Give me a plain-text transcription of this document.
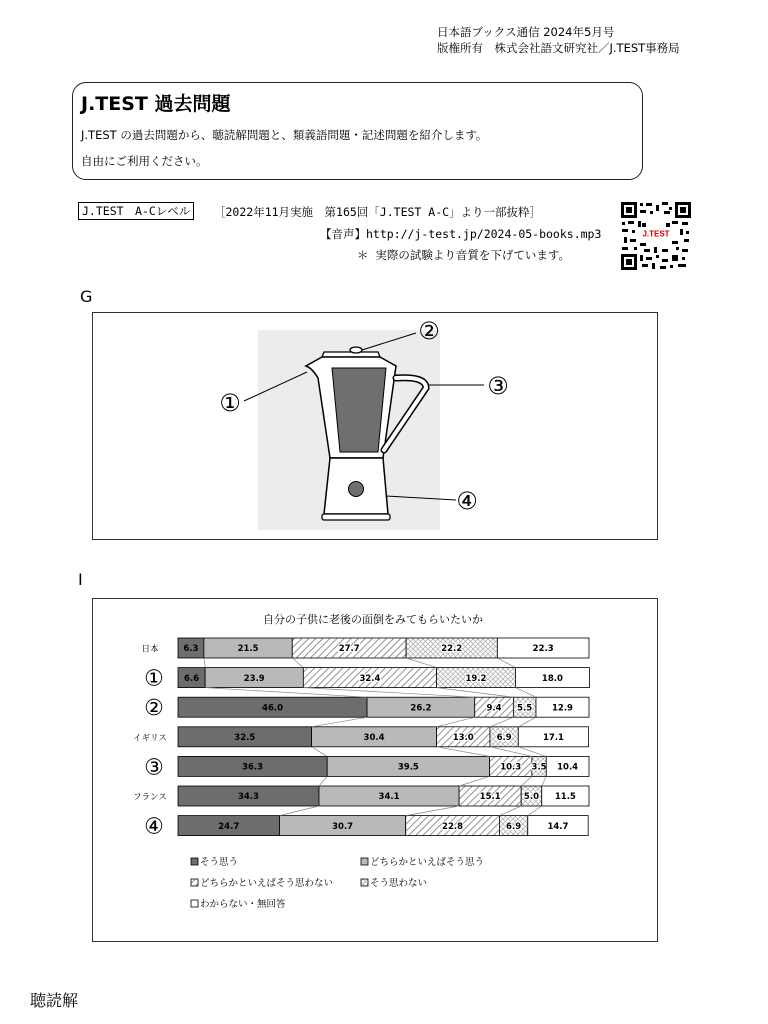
日本語ブックス通信 2024年5月号
版権所有　株式会社語文研究社／J.TEST事務局
J.TEST 過去問題
J.TEST の過去問題から、聴読解問題と、類義語問題・記述問題を紹介します。
自由にご利用ください。
J.TEST　A-Cレベル	［2022年11月実施　第165回「J.TEST A-C」より一部抜粋］
【音声】http://j-test.jp/2024-05-books.mp3
＊ 実際の試験より音質を下げています。
J.TEST
G
①
②
③
④
I
自分の子供に老後の面倒をみてもらいたいか
日本	6.3	21.5	27.7	22.2	22.3
① 6.6	23.9	32.4	19.2	18.0
②	46.0	26.2	9.4 5.5 12.9
イギリス	32.5	30.4	13.0	6.9	17.1
③	36.3	39.5	10.3 3.5 10.4
フランス	34.3	34.1	15.1	5.0 11.5
④	24.7	30.7	22.8	6.9	14.7
そう思う	どちらかといえばそう思う
どちらかといえばそう思わない	そう思わない
わからない・無回答
聴読解
